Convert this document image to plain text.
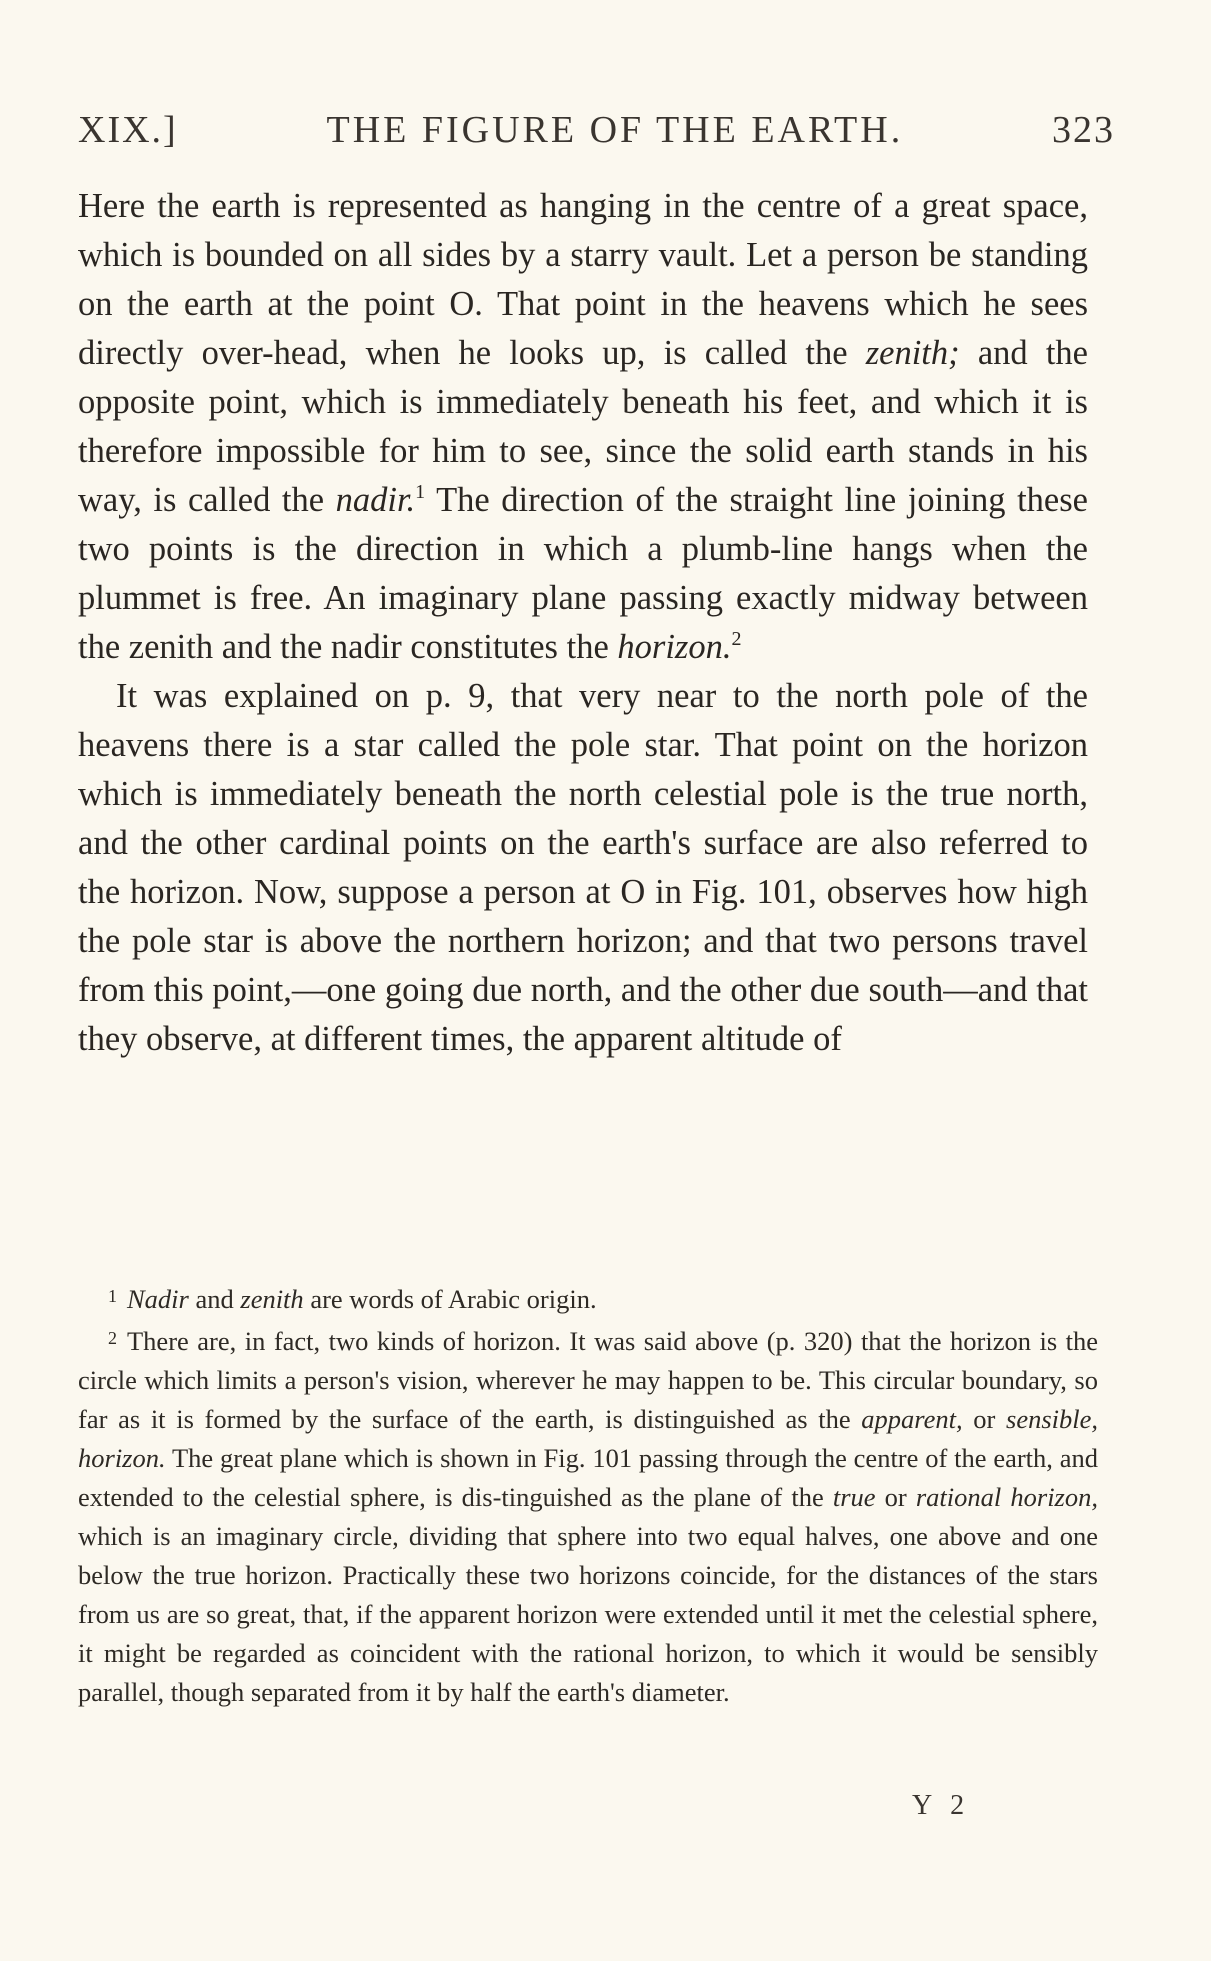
XIX.]	THE FIGURE OF THE EARTH.	323

Here the earth is represented as hanging in the centre of a great space, which is bounded on all sides by a starry vault. Let a person be standing on the earth at the point O. That point in the heavens which he sees directly over-head, when he looks up, is called the zenith; and the opposite point, which is immediately beneath his feet, and which it is therefore impossible for him to see, since the solid earth stands in his way, is called the nadir.$^1$ The direction of the straight line joining these two points is the direction in which a plumb-line hangs when the plummet is free. An imaginary plane passing exactly midway between the zenith and the nadir constitutes the horizon.$^2$

It was explained on p. 9, that very near to the north pole of the heavens there is a star called the pole star. That point on the horizon which is immediately beneath the north celestial pole is the true north, and the other cardinal points on the earth's surface are also referred to the horizon. Now, suppose a person at O in Fig. 101, observes how high the pole star is above the northern horizon; and that two persons travel from this point,—one going due north, and the other due south—and that they observe, at different times, the apparent altitude of

$^1$ Nadir and zenith are words of Arabic origin.

$^2$ There are, in fact, two kinds of horizon. It was said above (p. 320) that the horizon is the circle which limits a person's vision, wherever he may happen to be. This circular boundary, so far as it is formed by the surface of the earth, is distinguished as the apparent, or sensible, horizon. The great plane which is shown in Fig. 101 passing through the centre of the earth, and extended to the celestial sphere, is dis-tinguished as the plane of the true or rational horizon, which is an imaginary circle, dividing that sphere into two equal halves, one above and one below the true horizon. Practically these two horizons coincide, for the distances of the stars from us are so great, that, if the apparent horizon were extended until it met the celestial sphere, it might be regarded as coincident with the rational horizon, to which it would be sensibly parallel, though separated from it by half the earth's diameter.

Y 2
